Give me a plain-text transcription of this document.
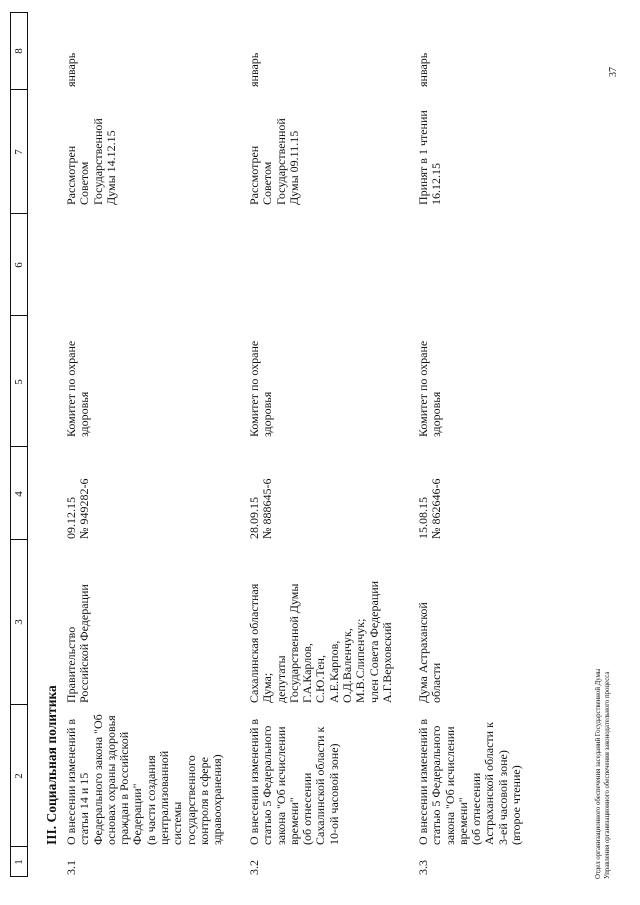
1
2
3
4
5
6
7
8
III. Социальная политика
3.1
О внесении изменений в
статьи 14 и 15
Федерального закона "Об
основах охраны здоровья
граждан в Российской
Федерации"
(в части создания
централизованной
системы
государственного
контроля в сфере
здравоохранения)
Правительство
Российской Федерации
09.12.15
№ 949282-6
Комитет по охране
здоровья
Рассмотрен
Советом
Государственной
Думы 14.12.15
январь
3.2
О внесении изменений в
статью 5 Федерального
закона "Об исчислении
времени"
(об отнесении
Сахалинской области к
10-ой часовой зоне)
Сахалинская областная
Дума;
депутаты
Государственной Думы
Г.А.Карлов,
С.Ю.Тен,
А.Е.Карпов,
О.Д.Валенчук,
М.В.Слипенчук;
член Совета Федерации
А.Г.Верховский
28.09.15
№ 888645-6
Комитет по охране
здоровья
Рассмотрен
Советом
Государственной
Думы 09.11.15
январь
3.3
О внесении изменений в
статью 5 Федерального
закона "Об исчислении
времени"
(об отнесении
Астраханской области к
3-ей часовой зоне)
(второе чтение)
Дума Астраханской
области
15.08.15
№ 862646-6
Комитет по охране
здоровья
Принят в 1 чтении
16.12.15
январь
Отдел организационного обеспечения заседаний Государственной Думы Управления организационного обеспечения законодательного процесса
37
